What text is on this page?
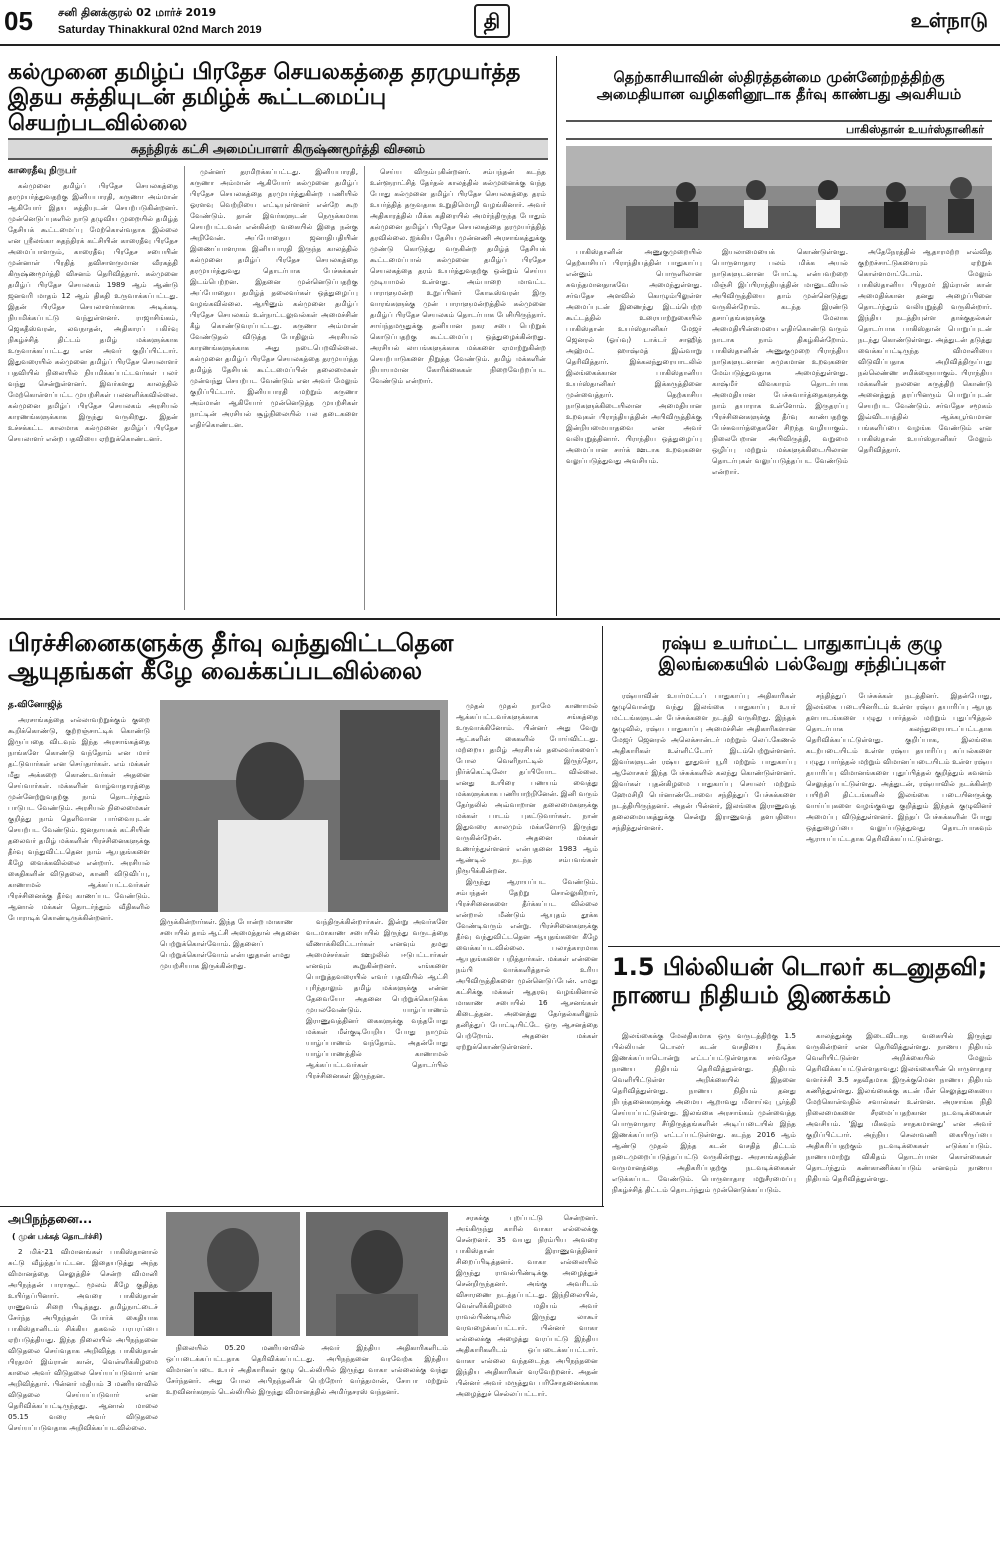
05 சனி தினக்குரல் 02 மார்ச் 2019
Saturday Thinakkural 02nd March 2019	தி	உள்நாடு
கல்முனை தமிழ்ப் பிரதேச செயலகத்தை தரமுயர்த்த
இதய சுத்தியுடன் தமிழ்க் கூட்டமைப்பு செயற்படவில்லை
சுதந்திரக் கட்சி அமைப்பாளர் கிருஷ்ணமூர்த்தி விசனம்
காரைதீவு நிருபர்

கல்முனை தமிழ்ப் பிரதேச செயலகத்தை தரமுயர்த்துவதற்கு இனியபாரதி, கருணா அம்மான் ஆகியோர் இதய சுத்தியுடன் செயற்படுகின்றனர். முன்னெடுப்புகளில் நாடு தழுவிய முறையில் தமிழ்த் தேசியக் கூட்டமைப்பு மேற்கொள்வதாக இல்லை என ஸ்ரீலங்கா சுதந்திரக் கட்சியின் காரைதீவு பிரதேச அமைப்பாளரும், காரைதீவு பிரதேச சபையின் முன்னாள் பிரதித் தவிசாளருமான வீரகத்தி கிருஷ்ணமூர்த்தி விசனம் தெரிவித்தார். கல்முனை தமிழ்ப் பிரதேச செயலகம் 1989 ஆம் ஆண்டு ஜனவரி மாதம் 12 ஆம் திகதி உருவாக்கப்பட்டது. இதன் பிரதேச செயலாளர்களாக அடிக்கடி நியமிக்கப்பட்டு வந்துள்ளனர். ராஜாசிங்கம், ஜெகதீஸ்வரன், லவநாதன், அதிகாரப் பகிர்வு நிகழ்ச்சித் திட்டம் தமிழ் மக்களுக்காக உருவாக்கப்பட்டது என அவர் குறிப்பிட்டார். இதுவரையில் கல்முனை தமிழ்ப் பிரதேச செயலாளர் பதவியில் நிலையில் நியமிக்கப்பட்டவர்கள் பலர் வந்து சென்றுள்ளனர். இவர்களது காலத்தில் மேற்கொள்ளப்பட்ட முயற்சிகள் பலனளிக்கவில்லை. கல்முனை தமிழ்ப் பிரதேச செயலகம் அரசியல் காரணங்களுக்காக இருந்து வருகிறது. இதன் உச்சக்கட்ட காலமாக கல்முனை தமிழ்ப் பிரதேச செயலாளர் என்ற பதவியை ஏற்றுக்கொண்டனர்.

முன்னர் தரமிறக்கப்பட்டது. இனியபாரதி, கருணா அம்மான் ஆகியோர் கல்முனை தமிழ்ப் பிரதேச செயலகத்தை தரமுயர்த்துகின்ற பணியில் ஓரளவு வெற்றியை எட்டியுள்ளனர் என்றே கூற வேண்டும். தான் இவர்களுடன் நெருக்கமாக செயற்பட்டவன் என்கின்ற வகையில் இதை நன்கு அறிவேன். அப்போதைய ஜனாதிபதியின் இணைப்பாளராக இனியபாரதி இருந்த காலத்தில் கல்முனை தமிழ்ப் பிரதேச செயலகத்தை தரமுயர்த்துவது தொடர்பாக பேச்சுக்கள் இடம்பெற்றன. இதனை முன்னெடுப்பதற்கு அப்போதைய தமிழ்த் தலைவர்கள் ஒத்துழைப்பு வழங்கவில்லை. ஆயினும் கல்முனை தமிழ்ப் பிரதேச செயலகம் உள்நாட்டலுவல்கள் அமைச்சின் கீழ் கொண்டுவரப்பட்டது. கருணா அம்மான் வேண்டுதல் விடுத்த போதிலும் அரசியல் காரணங்களுக்காக அது நடைபெறவில்லை. கல்முனை தமிழ்ப் பிரதேச செயலகத்தை தரமுயர்த்த தமிழ்த் தேசியக் கூட்டமைப்பின் தலைமைகள் முன்வந்து செயற்பட வேண்டும் என அவர் மேலும் குறிப்பிட்டார். இனியபாரதி மற்றும் கருணா அம்மான் ஆகியோர் முன்னெடுத்த முயற்சிகள் நாட்டின் அரசியல் சூழ்நிலையில் பல தடைகளை எதிர்கொண்டன.

செய்ய விரும்புகின்றனர். சம்பந்தன் கடந்த உள்ளூராட்சித் தேர்தல் காலத்தில் கல்முனைக்கு வந்த போது கல்முனை தமிழ்ப் பிரதேச செயலகத்தை தரம் உயர்த்தித் தருவதாக உறுதிமொழி வழங்கினார். அவர் அதிகாரத்தில் மிக்க கதிரையில் அமர்ந்திருந்த போதும் கல்முனை தமிழ்ப் பிரதேச செயலகத்தை தரமுயர்த்தித் தரவில்லை. ஐக்கிய தேசிய முன்னணி அரசாங்கத்துக்கு முண்டு கொடுத்து வருகின்ற தமிழ்த் தேசியக் கூட்டமைப்பால் கல்முனை தமிழ்ப் பிரதேச செயலகத்தை தரம் உயர்த்துவதற்கு ஒன்றும் செய்ய முடியாமல் உள்ளது. அம்பாறை மாவட்ட பாராளுமன்ற உறுப்பினர் கோடீஸ்வரன் இரு வாரங்களுக்கு முன் பாராளுமன்றத்தில் கல்முனை தமிழ்ப் பிரதேச செயலகம் தொடர்பாக பேசியிருந்தார். சாய்ந்தமருதுக்கு தனியான நகர சபை பெற்றுக் கொடுப்பதற்கு கூட்டமைப்பு ஒத்துழைக்கின்றது. அரசியல் லாபங்களுக்காக மக்களை ஏமாற்றுகின்ற செயற்பாடுகளை நிறுத்த வேண்டும். தமிழ் மக்களின் நியாயமான கோரிக்கைகள் நிறைவேற்றப்பட வேண்டும் என்றார்.

தெற்காசியாவின் ஸ்திரத்தன்மை முன்னேற்றத்திற்கு
அமைதியான வழிகளினூடாக தீர்வு காண்பது அவசியம்
பாகிஸ்தான் உயர்ஸ்தானிகர்

பாகிஸ்தானின் அணுகுமுறையில் தெற்காசியப் பிராந்தியத்தின் பாதுகாப்பு என்னும் பொருளிலான சுவந்தமானதாகவே அமைந்துள்ளது. சர்வதேச அளவில் கொழும்பிலுள்ள அமைப்புடன் இணைந்து இடம்பெற்ற கூட்டத்தில் உரையாற்றுகையில் பாகிஸ்தான் உயர்ஸ்தானிகர் மேஜர் ஜெனரல் (ஓய்வு) டாக்டர் சாஹித் அஹ்மட் ஹாஷ்மத் இவ்வாறு தெரிவித்தார். இக்கலந்துரையாடலில் இலங்கைக்கான பாகிஸ்தானிய உயர்ஸ்தானிகர் இக்கருத்தினை முன்வைத்தார். தெற்காசிய நாடுகளுக்கிடையிலான அமைதியான உறவுகள் பிராந்தியத்தின் அபிவிருத்திக்கு இன்றியமையாதவை என அவர் வலியுறுத்தினார். பிராந்திய ஒத்துழைப்பு அமைப்பான சார்க் ஊடாக உறவுகளை வலுப்படுத்துவது அவசியம்.

இயலாமையைக் கொண்டுள்ளது. பொருளாதார பலம் மிக்க அயல் நாடுகளுடனான போட்டி என்பவற்றை மிஞ்சி இப்பிராந்தியத்தின் மானுடவியல் அபிவிருத்தியை தாம் முன்னெடுத்து வருகின்றோம். கடந்த இரண்டு தசாப்தங்களுக்கு மேலாக அமைதியின்மையை எதிர்கொண்டு வரும் நாடாக நாம் திகழ்கின்றோம். பாகிஸ்தானின் அணுகுமுறை பிராந்திய நாடுகளுடனான சுமுகமான உறவுகளை மேம்படுத்துவதாக அமைந்துள்ளது. காஷ்மீர் விவகாரம் தொடர்பாக அமைதியான பேச்சுவார்த்தைகளுக்கு நாம் தயாராக உள்ளோம். இருதரப்பு பிரச்சினைகளுக்கு தீர்வு காண்பதற்கு பேச்சுவார்த்தைகளே சிறந்த வழியாகும். நிலைபேறான அபிவிருத்தி, வறுமை ஒழிப்பு மற்றும் மக்களுக்கிடையிலான தொடர்புகள் வலுப்படுத்தப்பட வேண்டும் என்றார்.

அதேநேரத்தில் ஆதாரமற்ற எவ்வித குற்றச்சாட்டுகளையும் ஏற்றுக் கொள்ளமாட்டோம். மேலும் பாகிஸ்தானிய பிரதமர் இம்ரான் கான் அமைதிக்கான தனது அழைப்பினை தொடர்ந்தும் வலியுறுத்தி வருகின்றார். இந்திய நடத்தியுள்ள தாக்குதல்கள் தொடர்பாக பாகிஸ்தான் பொறுப்புடன் நடந்து கொண்டுள்ளது. அத்துடன் தடுத்து வைக்கப்பட்டிருந்த விமானியை விடுவிப்பதாக அறிவித்திருப்பது நல்லெண்ண சமிக்ஞையாகும். பிராந்திய மக்களின் நலனை கருத்திற் கொண்டு அனைத்துத் தரப்பினரும் பொறுப்புடன் செயற்பட வேண்டும். சர்வதேச சமூகம் இவ்விடயத்தில் ஆக்கபூர்வமான பங்களிப்பை வழங்க வேண்டும் என பாகிஸ்தான் உயர்ஸ்தானிகர் மேலும் தெரிவித்தார்.

பிரச்சினைகளுக்கு தீர்வு வந்துவிட்டதென
ஆயுதங்கள் கீழே வைக்கப்படவில்லை
த.வினோஜித்

அரசாங்கத்தை எல்லாவற்றுக்கும் குறை கூறிக்கொண்டு, குற்றஞ்சாட்டிக் கொண்டு இருப்பதை விடவும் இந்த அரசாங்கத்தை நாங்களே கொண்டு வந்தோம் என மார் தட்டுவார்கள் என செய்தார்கள். எம் மக்கள் மீது அக்கறை கொண்டவர்கள் அதனை செய்வார்கள். மக்களின் வாழ்வாதாரத்தை முன்னேற்றுவதற்கு நாம் தொடர்ந்தும் பாடுபட வேண்டும். அரசியல் நிலைமைகள் குறித்து நாம் தெளிவான பார்வையுடன் செயற்பட வேண்டும். ஜனநாயகக் கட்சியின் தலைவர் தமிழ் மக்களின் பிரச்சினைகளுக்கு தீர்வு வந்துவிட்டதென நாம் ஆயுதங்களை கீழே வைக்கவில்லை என்றார். அரசியல் கைதிகளின் விடுதலை, காணி விடுவிப்பு, காணாமல் ஆக்கப்பட்டவர்கள் பிரச்சினைக்கு தீர்வு காணப்பட வேண்டும். ஆனால் மக்கள் தொடர்ந்தும் வீதிகளில் போராடிக் கொண்டிருக்கின்றனர்.	இருக்கின்றார்கள். இந்த போன்ற மாகாண சபையில் தாம் ஆட்சி அமைத்தால் அதனை பெற்றுக்கொள்வோம். இதனைப் பெற்றுக்கொள்வோம் என்பதுதான் எமது முயற்சியாக இருக்கின்றது.

வந்திருக்கின்றார்கள். இன்று அவர்களே வடமாகாண சபையில் இருந்து வருடத்தை வீணாக்கிவிட்டார்கள் எனவும் தமது அமைச்சர்கள் ஊழலில் ஈடுபட்டார்கள் எனவும் கூறுகின்றனர். எங்களை பொறுத்தவரையில் எவர் பதவியில் ஆட்சி புரிந்தாலும் தமிழ் மக்களுக்கு என்ன தேவையோ அதனை பெற்றுக்கொடுக்க முயலவேண்டும். யாழ்ப்பாணம் இராணுவத்தினர் கைகளுக்கு வந்தபோது மக்கள் மீள்குடியேறிய போது நாமும் யாழ்ப்பாணம் வந்தோம். அதன்போது யாழ்ப்பாணத்தில் காணாமல் ஆக்கப்பட்டவர்கள் தொடர்பில் பிரச்சினைகள் இருந்தன.

முதல் முதல் நாமே காணாமல் ஆக்கப்பட்டவர்களுக்காக சங்கத்தை உருவாக்கினோம். பின்னர் அது வேறு ஆட்களின் கைகளில் போய்விட்டது. மற்றைய தமிழ் அரசியல் தலைவர்களைப் போல வெளிநாட்டில் இருந்தோ, நிர்க்கெட்டிலோ தப்பியோட வில்லை. எனது உயிரை பணயம் வைத்து மக்களுக்காக பணியாற்றினேன். இனி வரும் தேர்தலில் அவ்வாறான தலைமைகளுக்கு மக்கள் பாடம் புகட்டுவார்கள். நான் இதுவரை காலமும் மக்களோடு இருந்து வருகின்றேன். அதனை மக்கள் உணர்ந்துள்ளனர் என்பதனை 1983 ஆம் ஆண்டில் நடந்த சம்பவங்கள் நிரூபிக்கின்றன.

இருந்து ஆராயப்பட வேண்டும். சம்பந்தன் தேற்று சொல்லுகிறார், பிரச்சினைகளை தீர்க்கப்பட வில்லை என்றால் மீண்டும் ஆயுதம் தூக்க வேண்டிவரும் என்று. பிரச்சினைகளுக்கு தீர்வு வந்துவிட்டதென ஆயுதங்களை கீழே வைக்கப்படவில்லை. பலாத்காரமாக ஆயுதங்களை பறித்தார்கள். மக்கள் என்னை நம்பி வாக்களித்தால் உரிய அபிவிருத்திகளை முன்னெடுப்பேன். எமது கட்சிக்கு மக்கள் ஆதரவு வழங்கினால் மாகாண சபையில் 16 ஆசனங்கள் கிடைத்தன. அனைத்து தேர்தல்களிலும் தனித்துப் போட்டியிட்டே ஒரு ஆசனத்தை பெற்றோம். அதனை மக்கள் ஏற்றுக்கொண்டுள்ளனர்.

ரஷ்ய உயர்மட்ட பாதுகாப்புக் குழு
இலங்கையில் பல்வேறு சந்திப்புகள்

ரஷ்யாவின் உயர்மட்டப் பாதுகாப்பு அதிகாரிகள் குழுவொன்று வந்து இலங்கை பாதுகாப்பு உயர் மட்டங்களுடன் பேச்சுக்களை நடத்தி வருகிறது. இந்தக் குழுவில், ரஷ்ய பாதுகாப்பு அமைச்சின் அதிகாரிகளான மேஜர் ஜெனரல் அலெக்சான்டர் மற்றும் லெப்.கேணல் அதிகாரிகள் உள்ளிட்டோர் இடம்பெற்றுள்ளனர். இவர்களுடன் ரஷ்ய தூதுவர் யூரி மற்றும் பாதுகாப்பு ஆலோசகர் இந்த பேச்சுக்களில் கலந்து கொண்டுள்ளனர். இவர்கள் புதன்கிழமை பாதுகாப்பு செயலர் மற்றும் ஹேமசிறி பெர்னாண்டோவை சந்தித்துப் பேச்சுக்களை நடத்தியிருந்தனர். அதன் பின்னர், இலங்கை இராணுவத் தலைமையகத்துக்கு சென்று இராணுவத் தளபதியை சந்தித்துள்ளனர்.

சந்தித்துப் பேச்சுக்கள் நடத்தினர். இதன்போது, இலங்கை படையினரிடம் உள்ள ரஷ்ய தயாரிப்பு ஆயுத தளபாடங்களை பழுது பார்த்தல் மற்றும் புதுப்பித்தல் தொடர்பாக கலந்துரையாடப்பட்டதாக தெரிவிக்கப்பட்டுள்ளது. குறிப்பாக, இலங்கை கடற்படையிடம் உள்ள ரஷ்ய தயாரிப்பு கப்பல்களை பழுது பார்த்தல் மற்றும் விமானப்படையிடம் உள்ள ரஷ்ய தயாரிப்பு விமானங்களை புதுப்பித்தல் குறித்தும் கவனம் செலுத்தப்பட்டுள்ளது. அத்துடன், ரஷ்யாவில் நடக்கின்ற பயிற்சி திட்டங்களில் இலங்கை படையினருக்கு வாய்ப்புகளை வழங்குவது குறித்தும் இந்தக் குழுவினர் அமைப்பு விடுத்துள்ளனர். இந்தப் பேச்சுக்களின் போது ஒத்துழைப்பை வலுப்படுத்துவது தொடர்பாகவும் ஆராயப்பட்டதாக தெரிவிக்கப்பட்டுள்ளது.

1.5 பில்லியன் டொலர் கடனுதவி;
நாணய நிதியம் இணக்கம்

இலங்கைக்கு மேலதிகமாக ஒரு வருடத்திற்கு 1.5 பில்லியன் டொலர் கடன் வசதியை நீடிக்க இணக்கப்பாடொன்று எட்டப்பட்டுள்ளதாக சர்வதேச நாணய நிதியம் தெரிவித்துள்ளது. நிதியம் வெளியிட்டுள்ள அறிக்கையில் இதனை தெரிவித்துள்ளது. நாணய நிதியம் தனது நிபந்தனைகளுக்கு அமைய ஆறாவது மீளாய்வு பூர்த்தி செய்யப்பட்டுள்ளது. இலங்கை அரசாங்கம் முன்வைத்த பொருளாதார சீர்திருத்தங்களின் அடிப்படையில் இந்த இணக்கப்பாடு எட்டப்பட்டுள்ளது. கடந்த 2016 ஆம் ஆண்டு முதல் இந்த கடன் வசதித் திட்டம் நடைமுறைப்படுத்தப்பட்டு வருகின்றது. அரசாங்கத்தின் வருமானத்தை அதிகரிப்பதற்கு நடவடிக்கைகள் எடுக்கப்பட வேண்டும். பொருளாதார மறுசீரமைப்பு நிகழ்ச்சித் திட்டம் தொடர்ந்தும் முன்னெடுக்கப்படும்.

காலத்துக்கு இடைவிடாத வகையில் இருந்து வருகின்றனர் என தெரிவித்துள்ளது. நாணய நிதியம் வெளியிட்டுள்ள அறிக்கையில் மேலும் தெரிவிக்கப்பட்டுள்ளதாவது: இலங்கையின் பொருளாதார வளர்ச்சி 3.5 சதவீதமாக இருக்குமென நாணய நிதியம் கணித்துள்ளது. இலங்கைக்கு கடன் மீள் செலுத்துகையை மேற்கொள்வதில் சவால்கள் உள்ளன. அரசாங்க நிதி நிலைமைகளை சீரமைப்பதற்கான நடவடிக்கைகள் அவசியம். 'இது மிகவும் சாதகமானது' என அவர் குறிப்பிட்டார். அந்நிய செலாவணி கையிருப்பை அதிகரிப்பதற்கும் நடவடிக்கைகள் எடுக்கப்படும். நாணயமாற்று விகிதம் தொடர்பான கொள்கைகள் தொடர்ந்தும் கண்காணிக்கப்படும் எனவும் நாணய நிதியம் தெரிவித்துள்ளது.

அபிநந்தனை...
( முன் பக்கத் தொடர்ச்சி)

2 மிக்-21 விமானங்கள் பாகிஸ்தானால் சுட்டு வீழ்த்தப்பட்டன. இதையடுத்து அந்த விமானத்தை செலுத்திச் சென்ற விமானி அபிநந்தன் பாராசூட் மூலம் கீழே குதித்த உயிர்தப்பினார். அவரை பாகிஸ்தான் ராணுவம் சிறை பிடித்தது. தமிழ்நாட்டைச் சேர்ந்த அபிநந்தன் போர்க் கைதியாக பாகிஸ்தானிடம் சிக்கிய தகவல் பரபரப்பை ஏற்படுத்தியது. இந்த நிலையில் அபிநந்தனை விடுதலை செய்வதாக அறிவித்த பாகிஸ்தான் பிரதமர் இம்ரான் கான், வெள்ளிக்கிழமை காலை அவர் விடுதலை செய்யப்படுவார் என அறிவித்தார். பின்னர் மதியம் 3 மணியளவில் விடுதலை செய்யப்படுவார் என தெரிவிக்கப்பட்டிருந்தது. ஆனால் மாலை 05.15 வரை அவர் விடுதலை செய்யப்படுவதாக அறிவிக்கப்படவில்லை.

நிலையில் 05.20 மணியளவில் அவர் இந்திய அதிகாரிகளிடம் ஒப்படைக்கப்பட்டதாக தெரிவிக்கப்பட்டது. அபிநந்தனை வரவேற்க இந்திய விமானப்படை உயர் அதிகாரிகள் குழு டெல்லியில் இருந்து வாகா எல்லைக்கு வந்து சேர்ந்தனர். அது போல அபிநந்தனின் பெற்றோர் வர்த்தமான், சோபா மற்றும் உறவினர்களும் டெல்லியில் இருந்து விமானத்தில் அமிர்தசரஸ் வந்தனர்.

சரசுக்கு புறப்பட்டு சென்றனர். அங்கிருந்து காரில் வாகா எல்லைக்கு சென்றனர். 35 வயது நிரம்பிய அவரை பாகிஸ்தான் இராணுவத்தினர் சிறைப்பிடித்தனர். வாகா எல்லையில் இருந்து ராவல்பிண்டிக்கு அழைத்துச் சென்றிருந்தனர். அங்கு அவரிடம் விசாரணை நடத்தப்பட்டது. இந்நிலையில், வெள்ளிக்கிழமை மதியம் அவர் ராவல்பிண்டியில் இருந்து லாகூர் வரவழைக்கப்பட்டார். பின்னர் வாகா எல்லைக்கு அழைத்து வரப்பட்டு இந்திய அதிகாரிகளிடம் ஒப்படைக்கப்பட்டார். வாகா எல்லை வந்தடைந்த அபிநந்தனை இந்திய அதிகாரிகள் வரவேற்றனர். அதன் பின்னர் அவர் மருத்துவ பரிசோதனைக்காக அழைத்துச் செல்லப்பட்டார்.
